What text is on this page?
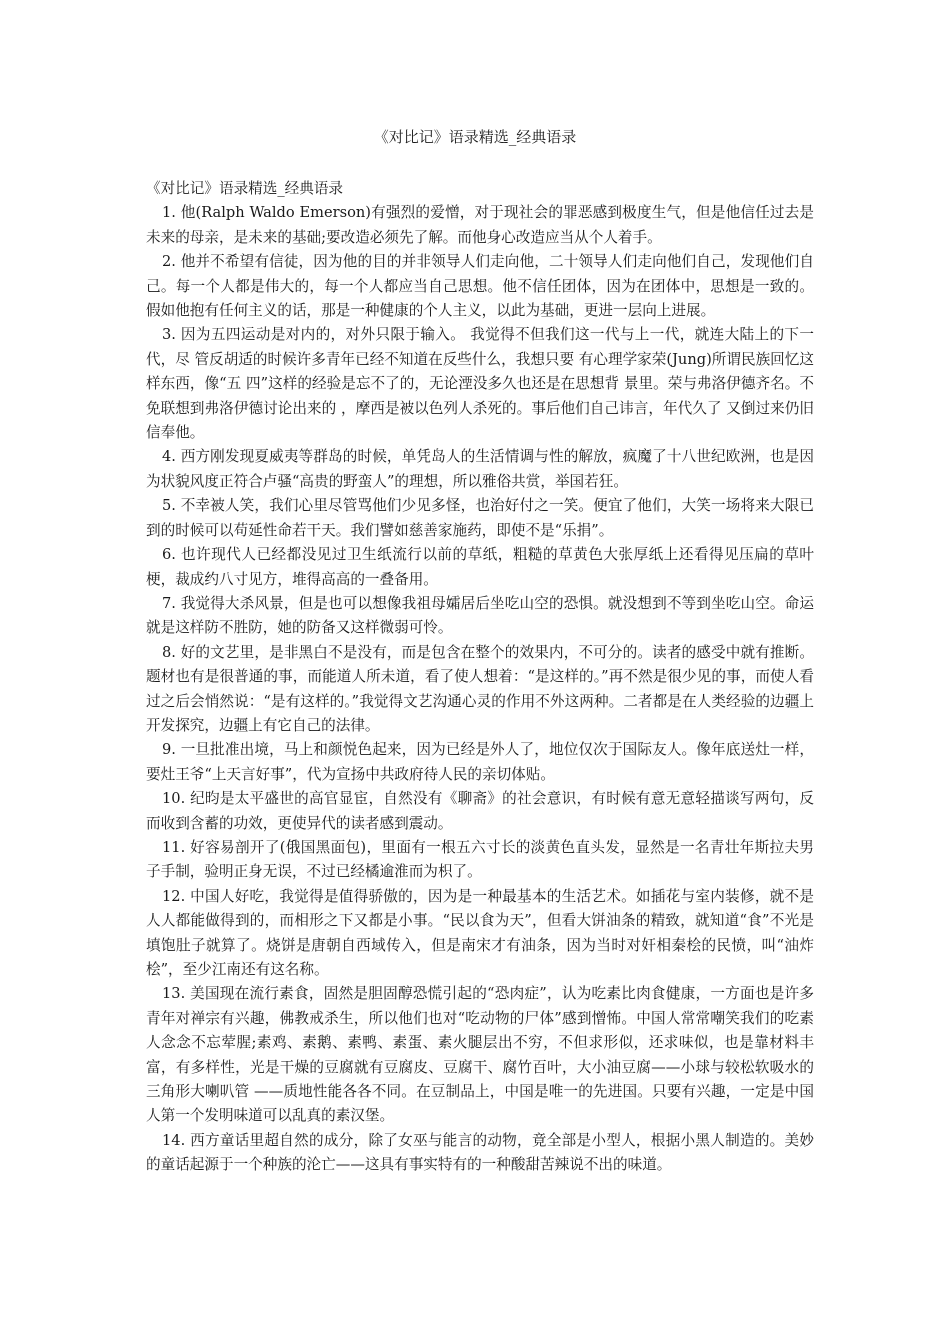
《对比记》语录精选_经典语录

《对比记》语录精选_经典语录

1. 他(Ralph Waldo Emerson)有强烈的爱憎，对于现社会的罪恶感到极度生气，但是他信任过去是未来的母亲，是未来的基础;要改造必须先了解。而他身心改造应当从个人着手。

2. 他并不希望有信徒，因为他的目的并非领导人们走向他，二十领导人们走向他们自己，发现他们自己。每一个人都是伟大的，每一个人都应当自己思想。他不信任团体，因为在团体中，思想是一致的。假如他抱有任何主义的话，那是一种健康的个人主义，以此为基础，更进一层向上进展。

3. 因为五四运动是对内的，对外只限于输入。 我觉得不但我们这一代与上一代，就连大陆上的下一代，尽 管反胡适的时候许多青年已经不知道在反些什么，我想只要 有心理学家荣(Jung)所谓民族回忆这样东西，像“五 四”这样的经验是忘不了的，无论湮没多久也还是在思想背 景里。荣与弗洛伊德齐名。不免联想到弗洛伊德讨论出来的 ，摩西是被以色列人杀死的。事后他们自己讳言，年代久了 又倒过来仍旧信奉他。

4. 西方刚发现夏威夷等群岛的时候，单凭岛人的生活情调与性的解放，疯魔了十八世纪欧洲，也是因为状貌风度正符合卢骚“高贵的野蛮人”的理想，所以雅俗共赏，举国若狂。

5. 不幸被人笑，我们心里尽管骂他们少见多怪，也治好付之一笑。便宜了他们，大笑一场将来大限已到的时候可以苟延性命若干天。我们譬如慈善家施药，即使不是“乐捐”。

6. 也许现代人已经都没见过卫生纸流行以前的草纸，粗糙的草黄色大张厚纸上还看得见压扁的草叶梗，裁成约八寸见方，堆得高高的一叠备用。

7. 我觉得大杀风景，但是也可以想像我祖母孀居后坐吃山空的恐惧。就没想到不等到坐吃山空。命运就是这样防不胜防，她的防备又这样微弱可怜。

8. 好的文艺里，是非黑白不是没有，而是包含在整个的效果内，不可分的。读者的感受中就有推断。题材也有是很普通的事，而能道人所未道，看了使人想着：“是这样的。”再不然是很少见的事，而使人看过之后会悄然说：“是有这样的。”我觉得文艺沟通心灵的作用不外这两种。二者都是在人类经验的边疆上开发探究，边疆上有它自己的法律。

9. 一旦批准出境，马上和颜悦色起来，因为已经是外人了，地位仅次于国际友人。像年底送灶一样，要灶王爷“上天言好事”，代为宣扬中共政府待人民的亲切体贴。

10. 纪昀是太平盛世的高官显宦，自然没有《聊斋》的社会意识，有时候有意无意轻描谈写两句，反而收到含蓄的功效，更使异代的读者感到震动。

11. 好容易剖开了(俄国黑面包)，里面有一根五六寸长的淡黄色直头发，显然是一名青壮年斯拉夫男子手制，验明正身无误，不过已经橘逾淮而为枳了。

12. 中国人好吃，我觉得是值得骄傲的，因为是一种最基本的生活艺术。如插花与室内装修，就不是人人都能做得到的，而相形之下又都是小事。“民以食为天”，但看大饼油条的精致，就知道“食”不光是填饱肚子就算了。烧饼是唐朝自西域传入，但是南宋才有油条，因为当时对奸相秦桧的民愤，叫“油炸桧”，至少江南还有这名称。

13. 美国现在流行素食，固然是胆固醇恐慌引起的“恐肉症”，认为吃素比肉食健康，一方面也是许多青年对禅宗有兴趣，佛教戒杀生，所以他们也对“吃动物的尸体”感到憎怖。中国人常常嘲笑我们的吃素人念念不忘荤腥;素鸡、素鹅、素鸭、素蛋、素火腿层出不穷，不但求形似，还求味似，也是靠材料丰富，有多样性，光是干燥的豆腐就有豆腐皮、豆腐干、腐竹百叶，大小油豆腐——小球与较松软吸水的三角形大喇叭管 ——质地性能各各不同。在豆制品上，中国是唯一的先进国。只要有兴趣，一定是中国人第一个发明味道可以乱真的素汉堡。

14. 西方童话里超自然的成分，除了女巫与能言的动物，竟全部是小型人，根据小黑人制造的。美妙的童话起源于一个种族的沦亡——这具有事实特有的一种酸甜苦辣说不出的味道。
